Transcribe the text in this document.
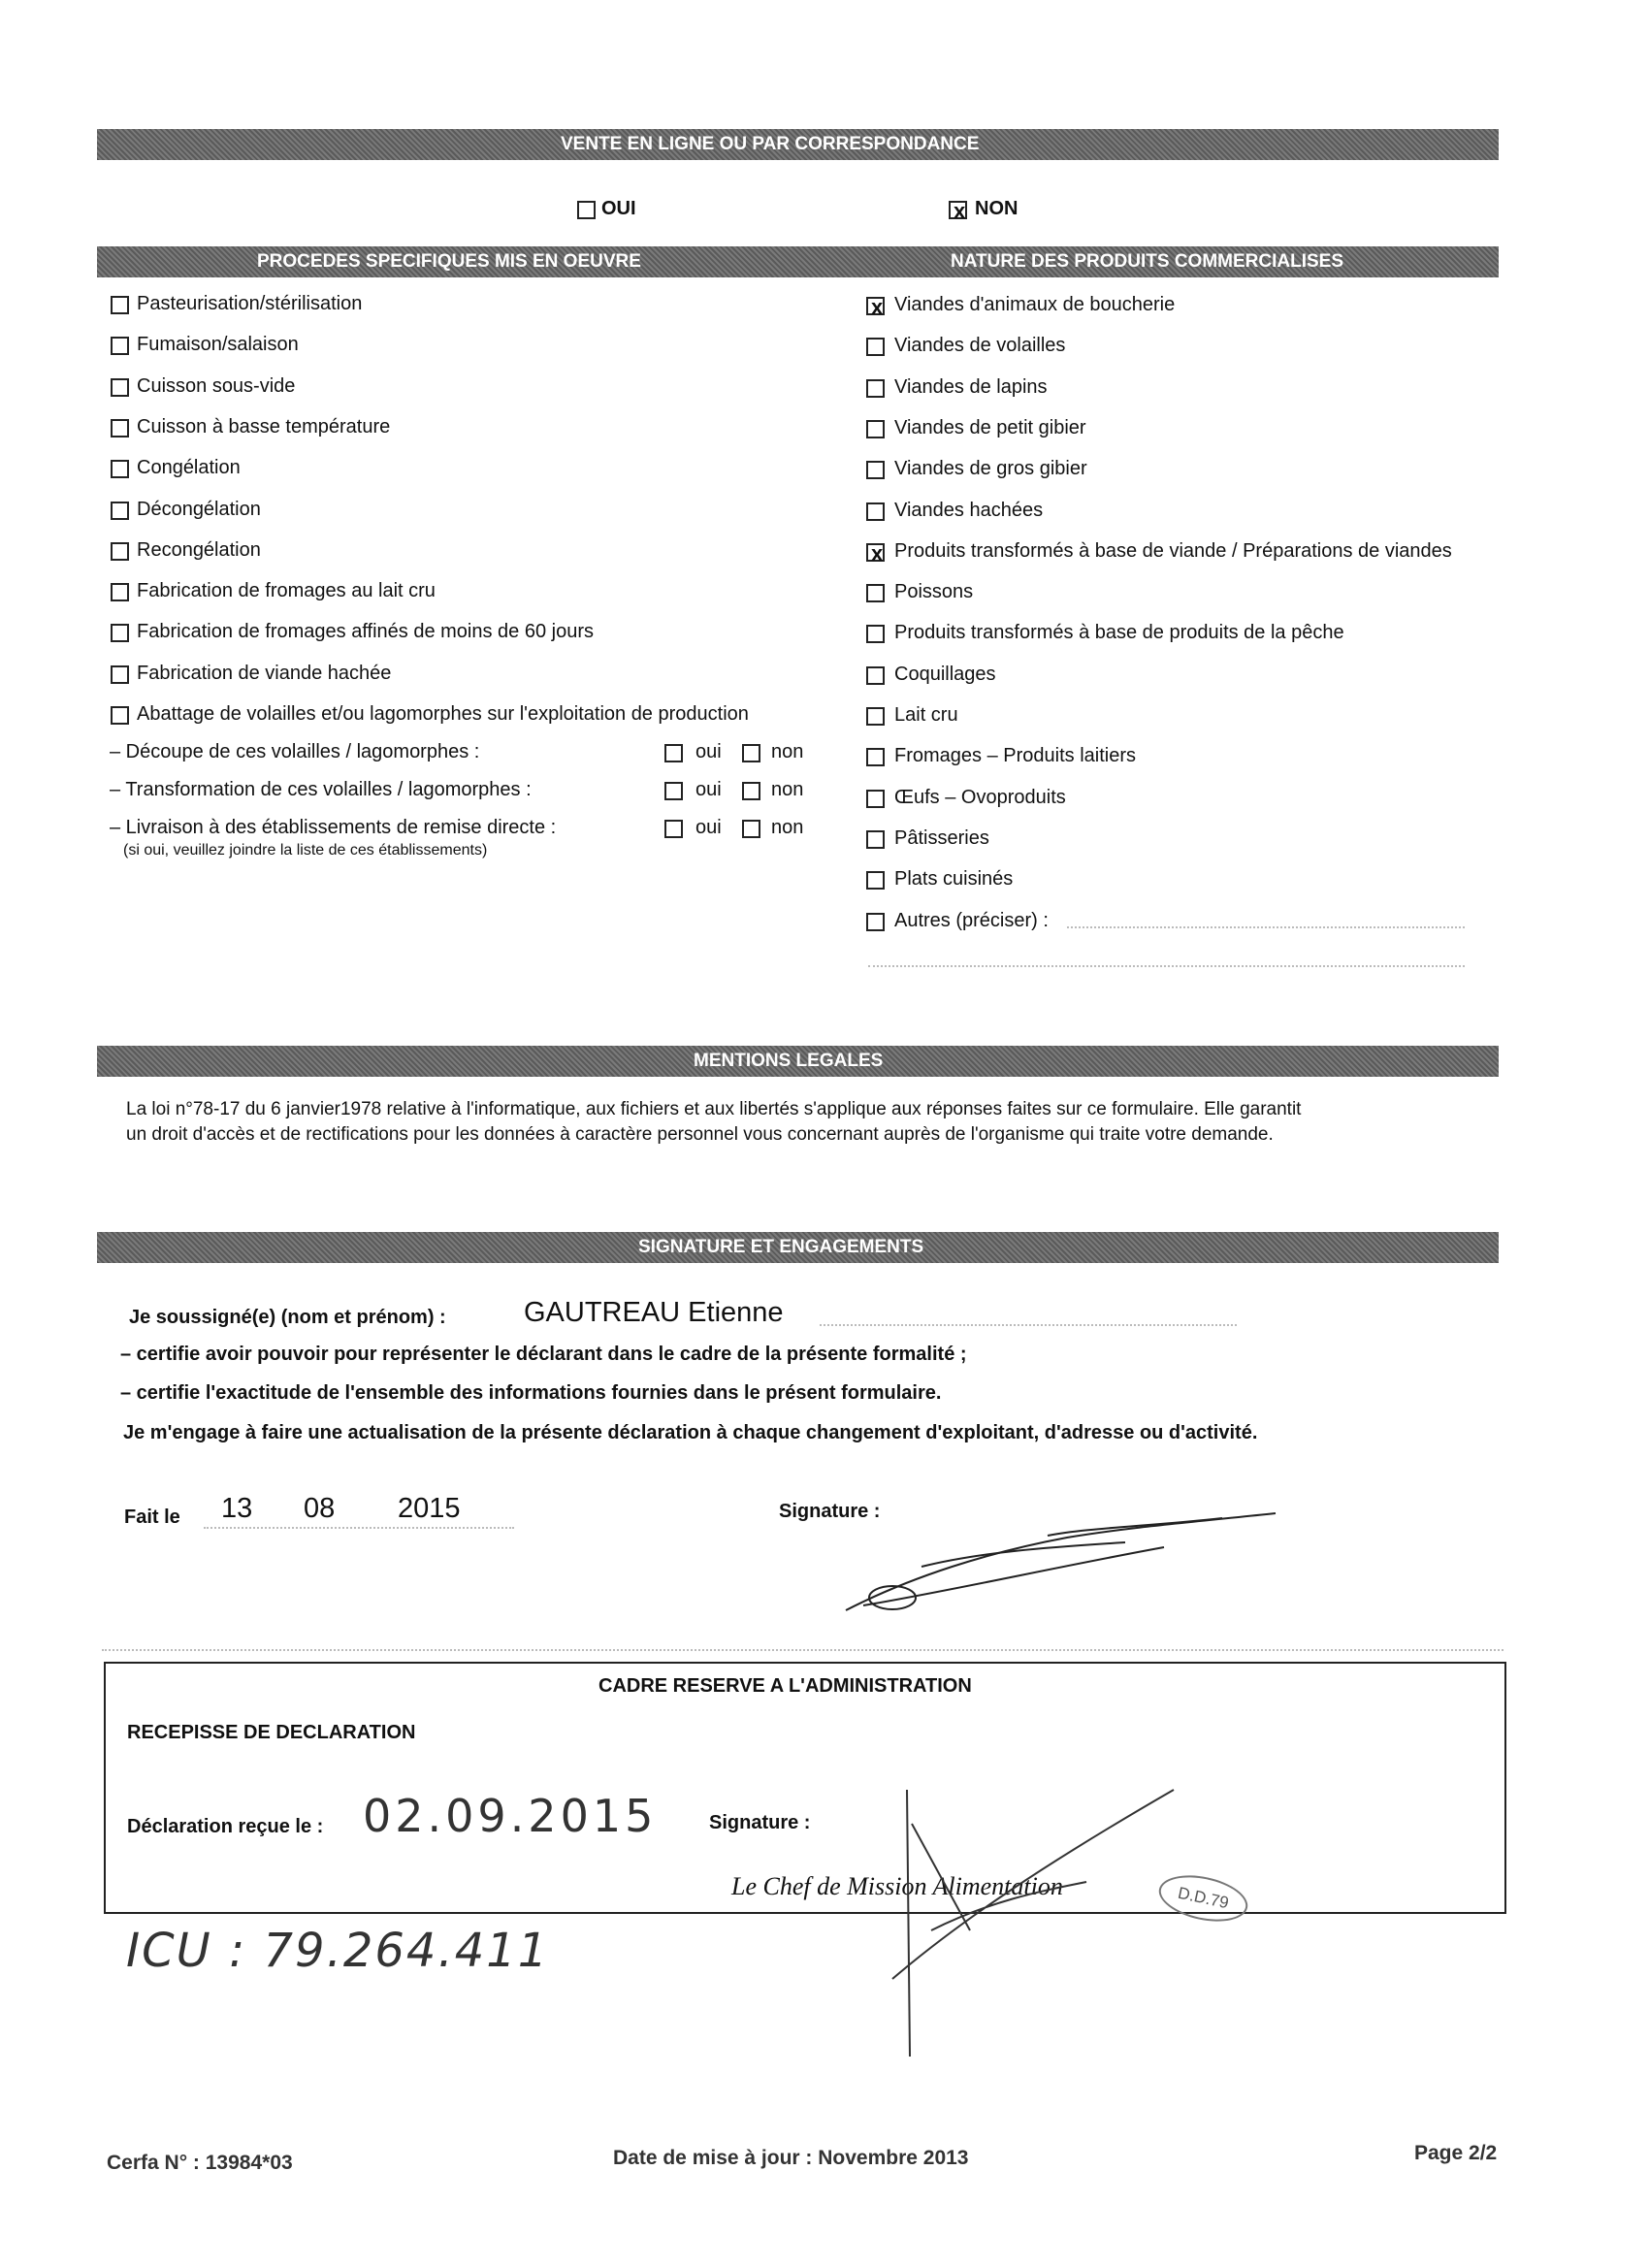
VENTE EN LIGNE OU PAR CORRESPONDANCE
OUI
x	NON
PROCEDES SPECIFIQUES MIS EN OEUVRE	NATURE DES PRODUITS COMMERCIALISES
Pasteurisation/stérilisation
Fumaison/salaison
Cuisson sous-vide
Cuisson à basse température
Congélation
Décongélation
Recongélation
Fabrication de fromages au lait cru
Fabrication de fromages affinés de moins de 60 jours
Fabrication de viande hachée
Abattage de volailles et/ou lagomorphes sur l'exploitation de production
– Découpe de ces volailles / lagomorphes :	oui	non
– Transformation de ces volailles / lagomorphes :	oui	non
– Livraison à des établissements de remise directe :	oui	non
(si oui, veuillez joindre la liste de ces établissements)
x
Viandes d'animaux de boucherie
Viandes de volailles
Viandes de lapins
Viandes de petit gibier
Viandes de gros gibier
Viandes hachées
x
Produits transformés à base de viande / Préparations de viandes
Poissons
Produits transformés à base de produits de la pêche
Coquillages
Lait cru
Fromages – Produits laitiers
Œufs – Ovoproduits
Pâtisseries
Plats cuisinés
Autres (préciser) :
MENTIONS LEGALES
La loi n°78-17 du 6 janvier1978 relative à l'informatique, aux fichiers et aux libertés s'applique aux réponses faites sur ce formulaire. Elle garantit
un droit d'accès et de rectifications pour les données à caractère personnel vous concernant auprès de l'organisme qui traite votre demande.
SIGNATURE ET ENGAGEMENTS
Je soussigné(e) (nom et prénom) :	GAUTREAU Etienne
– certifie avoir pouvoir pour représenter le déclarant dans le cadre de la présente formalité ;
– certifie l'exactitude de l'ensemble des informations fournies dans le présent formulaire.
Je m'engage à faire une actualisation de la présente déclaration à chaque changement d'exploitant, d'adresse ou d'activité.
Fait le 13 08 2015	Signature :
CADRE RESERVE A L'ADMINISTRATION
RECEPISSE DE DECLARATION
Déclaration reçue le : 02.09.2015	Signature :
Le Chef de Mission Alimentation	D.D.79
ICU : 79.264.411
Cerfa N° : 13984*03	Date de mise à jour : Novembre 2013	Page 2/2
